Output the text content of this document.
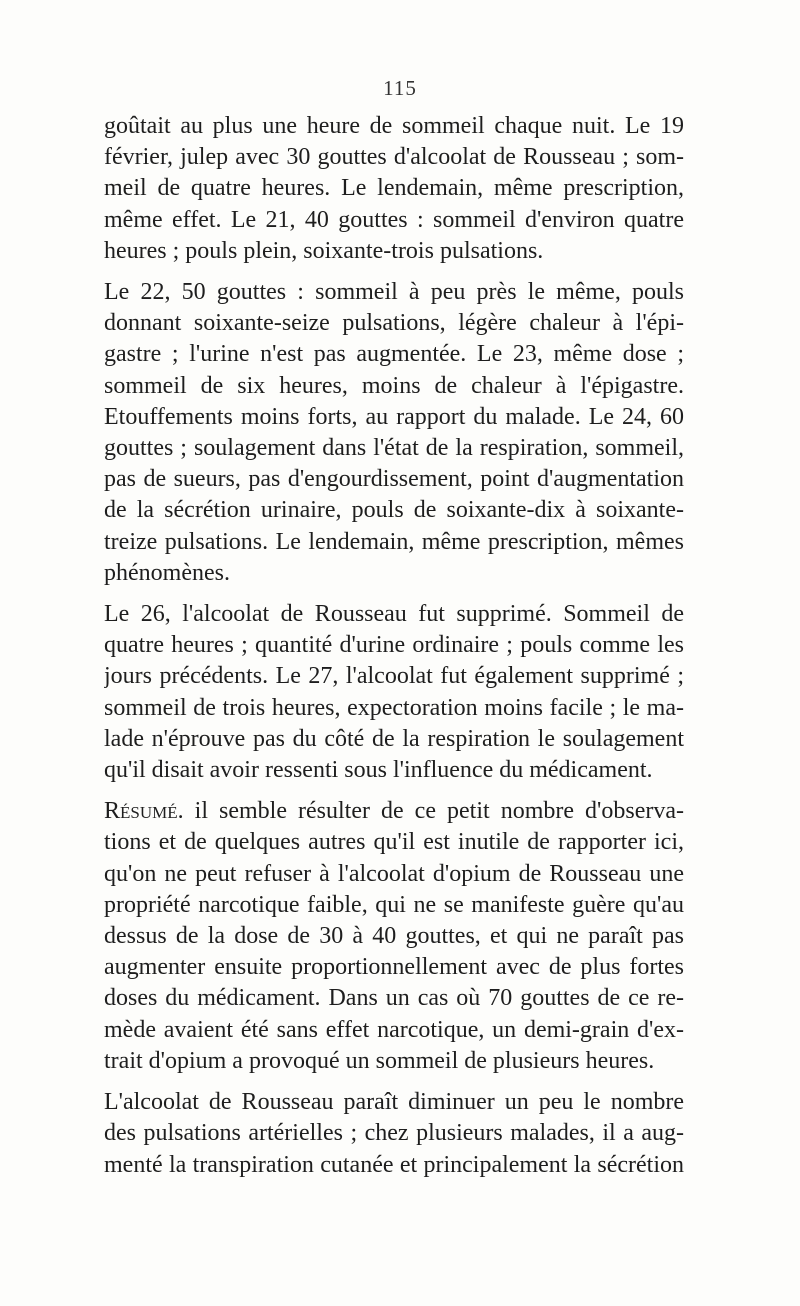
115

goûtait au plus une heure de sommeil chaque nuit. Le 19
février, julep avec 30 gouttes d'alcoolat de Rousseau ; som-
meil de quatre heures. Le lendemain, même prescription,
même effet. Le 21, 40 gouttes : sommeil d'environ quatre
heures ; pouls plein, soixante-trois pulsations.

Le 22, 50 gouttes : sommeil à peu près le même, pouls
donnant soixante-seize pulsations, légère chaleur à l'épi-
gastre ; l'urine n'est pas augmentée. Le 23, même dose ;
sommeil de six heures, moins de chaleur à l'épigastre.
Etouffements moins forts, au rapport du malade. Le 24, 60
gouttes ; soulagement dans l'état de la respiration, sommeil,
pas de sueurs, pas d'engourdissement, point d'augmentation
de la sécrétion urinaire, pouls de soixante-dix à soixante-
treize pulsations. Le lendemain, même prescription, mêmes
phénomènes.

Le 26, l'alcoolat de Rousseau fut supprimé. Sommeil de
quatre heures ; quantité d'urine ordinaire ; pouls comme les
jours précédents. Le 27, l'alcoolat fut également supprimé ;
sommeil de trois heures, expectoration moins facile ; le ma-
lade n'éprouve pas du côté de la respiration le soulagement
qu'il disait avoir ressenti sous l'influence du médicament.

Résumé. il semble résulter de ce petit nombre d'observa-
tions et de quelques autres qu'il est inutile de rapporter ici,
qu'on ne peut refuser à l'alcoolat d'opium de Rousseau une
propriété narcotique faible, qui ne se manifeste guère qu'au
dessus de la dose de 30 à 40 gouttes, et qui ne paraît pas
augmenter ensuite proportionnellement avec de plus fortes
doses du médicament. Dans un cas où 70 gouttes de ce re-
mède avaient été sans effet narcotique, un demi-grain d'ex-
trait d'opium a provoqué un sommeil de plusieurs heures.

L'alcoolat de Rousseau paraît diminuer un peu le nombre
des pulsations artérielles ; chez plusieurs malades, il a aug-
menté la transpiration cutanée et principalement la sécrétion
